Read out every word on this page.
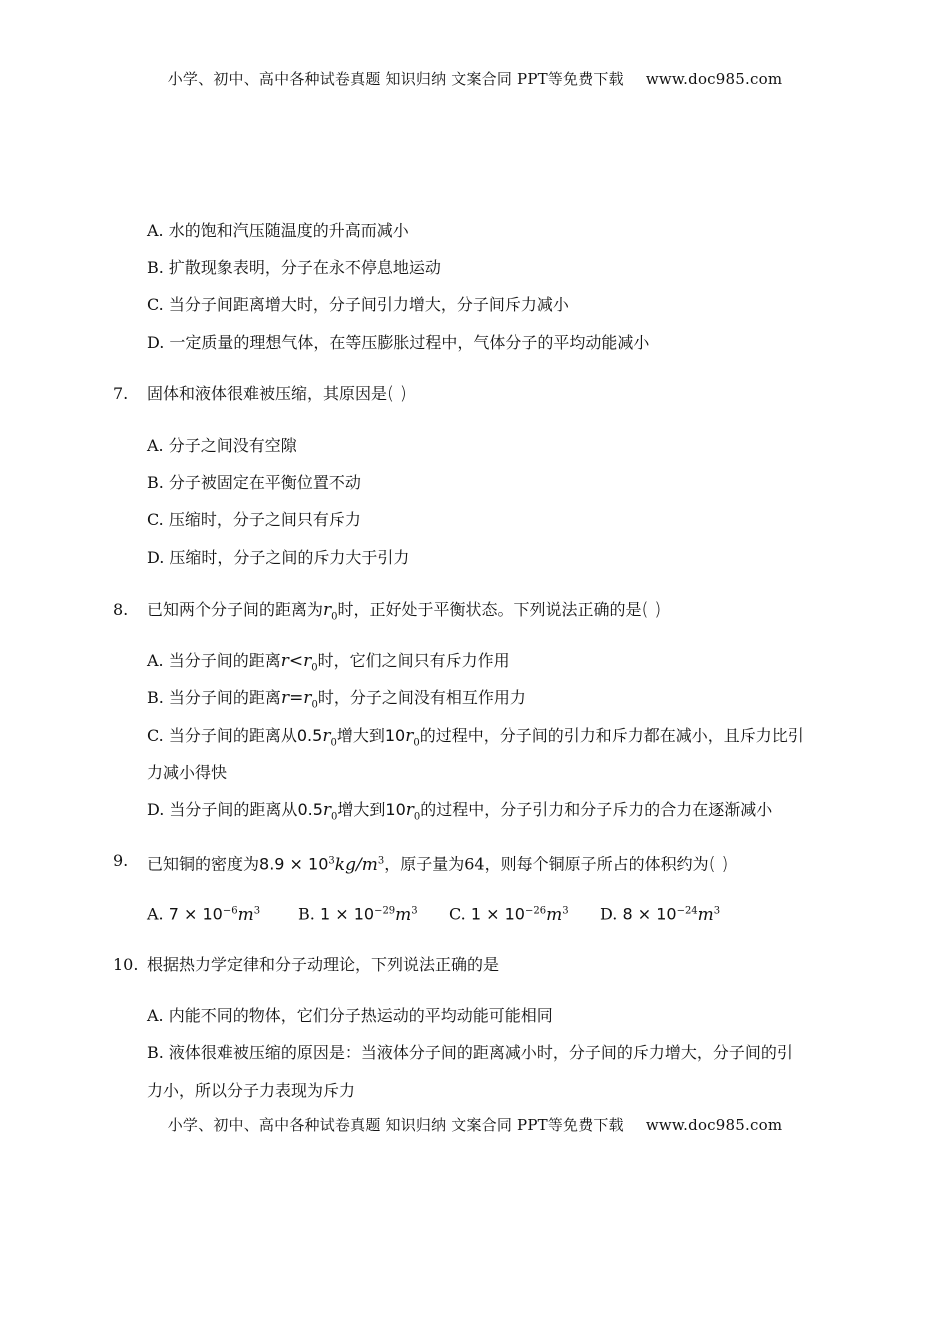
小学、初中、高中各种试卷真题 知识归纳 文案合同 PPT等免费下载 www.doc985.com
A. 水的饱和汽压随温度的升高而减小
B. 扩散现象表明，分子在永不停息地运动
C. 当分子间距离增大时，分子间引力增大，分子间斥力减小
D. 一定质量的理想气体，在等压膨胀过程中，气体分子的平均动能减小
7. 固体和液体很难被压缩，其原因是( )
A. 分子之间没有空隙
B. 分子被固定在平衡位置不动
C. 压缩时，分子之间只有斥力
D. 压缩时，分子之间的斥力大于引力
8. 已知两个分子间的距离为$r_0$时，正好处于平衡状态。下列说法正确的是( )
A. 当分子间的距离$r<r_0$时，它们之间只有斥力作用
B. 当分子间的距离$r=r_0$时，分子之间没有相互作用力
C. 当分子间的距离从$0.5r_0$增大到$10r_0$的过程中，分子间的引力和斥力都在减小，且斥力比引
力减小得快
D. 当分子间的距离从$0.5r_0$增大到$10r_0$的过程中，分子引力和分子斥力的合力在逐渐减小
9. 已知铜的密度为$8.9 \times 10^3kg/m^3$，原子量为64，则每个铜原子所占的体积约为( )
A. $7 \times 10^{-6}m^3$ B. $1 \times 10^{-29}m^3$ C. $1 \times 10^{-26}m^3$ D. $8 \times 10^{-24}m^3$
10. 根据热力学定律和分子动理论，下列说法正确的是
A. 内能不同的物体，它们分子热运动的平均动能可能相同
B. 液体很难被压缩的原因是：当液体分子间的距离减小时，分子间的斥力增大，分子间的引
力小，所以分子力表现为斥力
小学、初中、高中各种试卷真题 知识归纳 文案合同 PPT等免费下载 www.doc985.com
